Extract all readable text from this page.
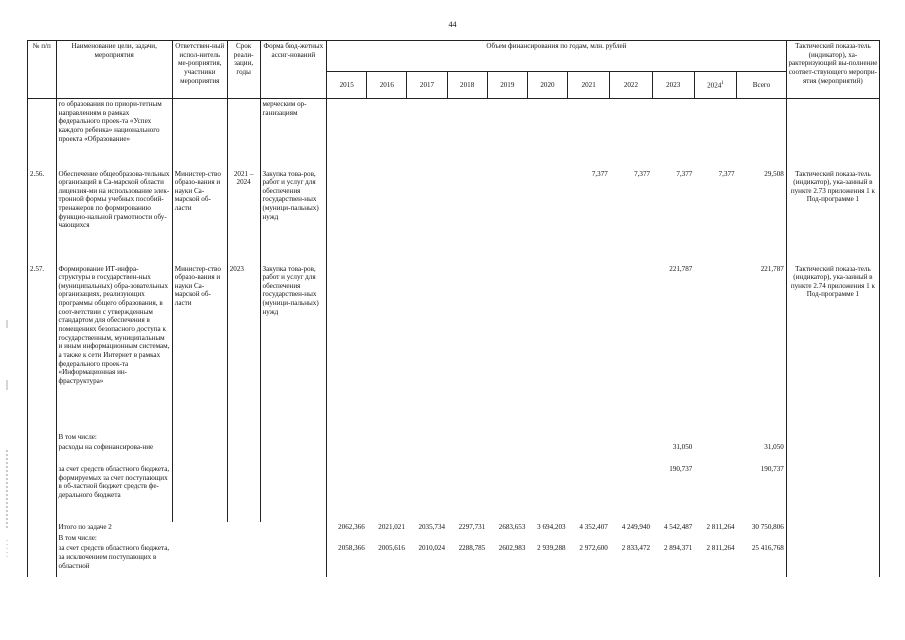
44
№ п/п	Наименование цели, задачи, мероприятия	Ответствен-ный испол-нитель ме-роприятия, участники мероприятия	Срок реали-зации, годы	Форма бюд-жетных ассиг-нований	Объем финансирования по годам, млн. рублей											Тактический показа-тель (индикатор), ха-рактеризующий вы-полнение соответ-ствующего меропри-ятия (мероприятий)
					2015	2016	2017	2018	2019	2020	2021	2022	2023	2024$^1$	Всего	
	го образования по приори-тетным направлениям в рамках федерального проек-та «Успех каждого ребенка» национального проекта «Образование»			мерческим ор-ганизациям												
2.56.	Обеспечение общеобразова-тельных организаций в Са-марской области лицензия-ми на использование элек-тронной формы учебных пособий-тренажеров по формированию функцио-нальной грамотности обу-чающихся	Министер-ство образо-вания и науки Са-марской об-ласти	2021 – 2024	Закупка това-ров, работ и услуг для обеспечения государствен-ных (муници-пальных) нужд							7,377	7,377	7,377	7,377	29,508	Тактический показа-тель (индикатор), ука-занный в пункте 2.73 приложения 1 к Под-программе 1
2.57.	Формирование ИТ-инфра-структуры в государствен-ных (муниципальных) обра-зовательных организациях, реализующих программы общего образования, в соот-ветствии с утвержденным стандартом для обеспечения в помещениях безопасного доступа к государственным, муниципальным и иным информационным системам, а также к сети Интернет в рамках федерального проек-та «Информационная ин-фраструктура»	Министер-ство образо-вания и науки Са-марской об-ласти	2023	Закупка това-ров, работ и услуг для обеспечения государствен-ных (муници-пальных) нужд									221,787		221,787	Тактический показа-тель (индикатор), ука-занный в пункте 2.74 приложения 1 к Под-программе 1
	В том числе:															
	расходы на софинансирова-ние												31,050		31,050	
	за счет средств областного бюджета, формируемых за счет поступающих в об-ластной бюджет средств фе-дерального бюджета												190,737		190,737	
	Итого по задаче 2				2062,366	2021,021	2035,734	2297,731	2683,653	3 694,203	4 352,407	4 249,940	4 542,487	2 811,264	30 750,806	
	В том числе:															
	за счет средств областного бюджета, за исключением поступающих в областной				2058,366	2005,616	2010,024	2288,785	2602,983	2 939,288	2 972,600	2 833,472	2 894,371	2 811,264	25 416,768	
